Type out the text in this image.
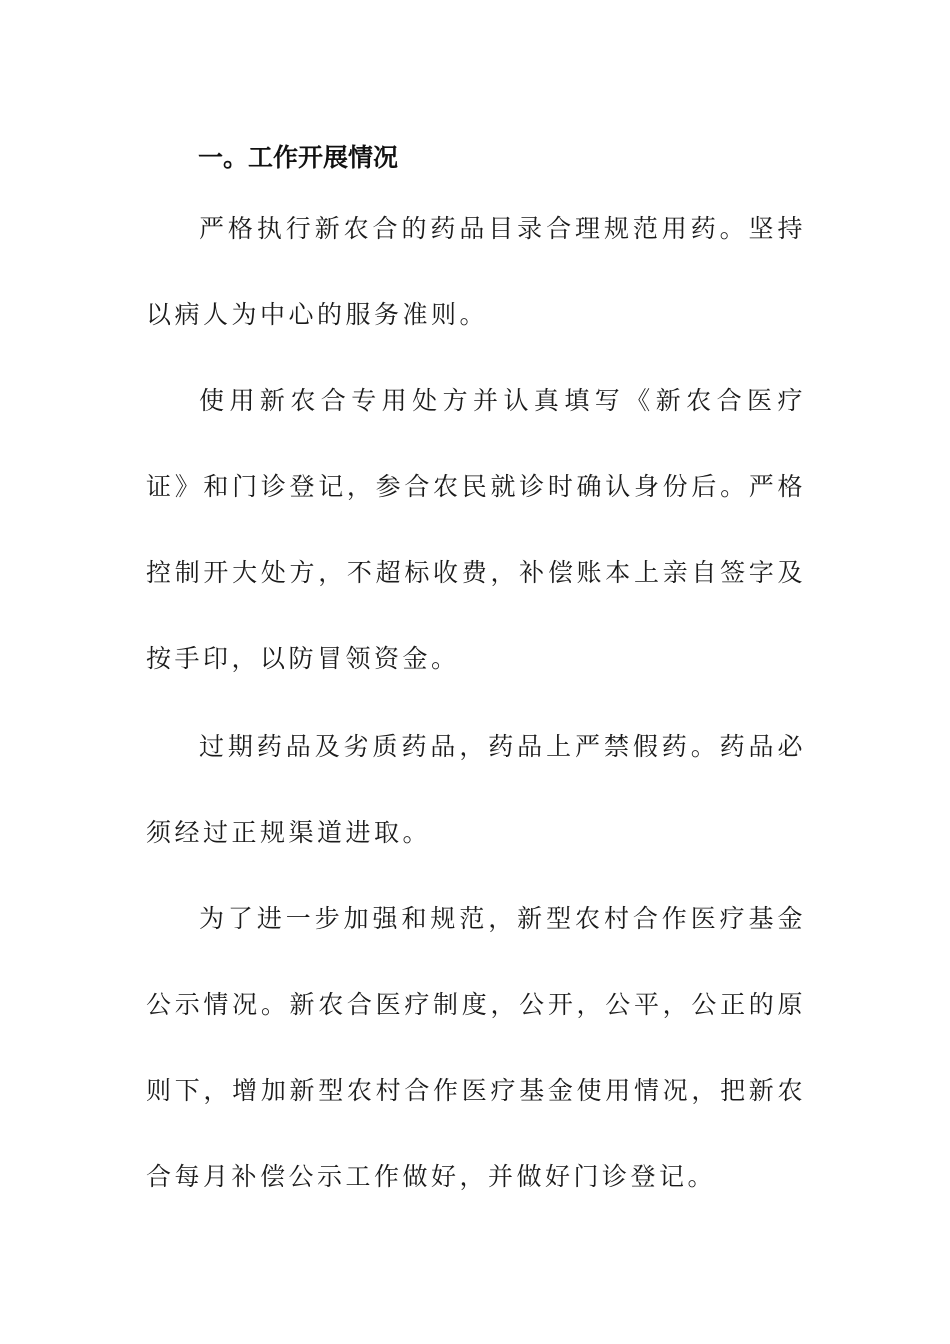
一。工作开展情况

严格执行新农合的药品目录合理规范用药。坚持以病人为中心的服务准则。

使用新农合专用处方并认真填写《新农合医疗证》和门诊登记，参合农民就诊时确认身份后。严格控制开大处方，不超标收费，补偿账本上亲自签字及按手印，以防冒领资金。

过期药品及劣质药品，药品上严禁假药。药品必须经过正规渠道进取。

为了进一步加强和规范，新型农村合作医疗基金公示情况。新农合医疗制度，公开，公平，公正的原则下，增加新型农村合作医疗基金使用情况，把新农合每月补偿公示工作做好，并做好门诊登记。
